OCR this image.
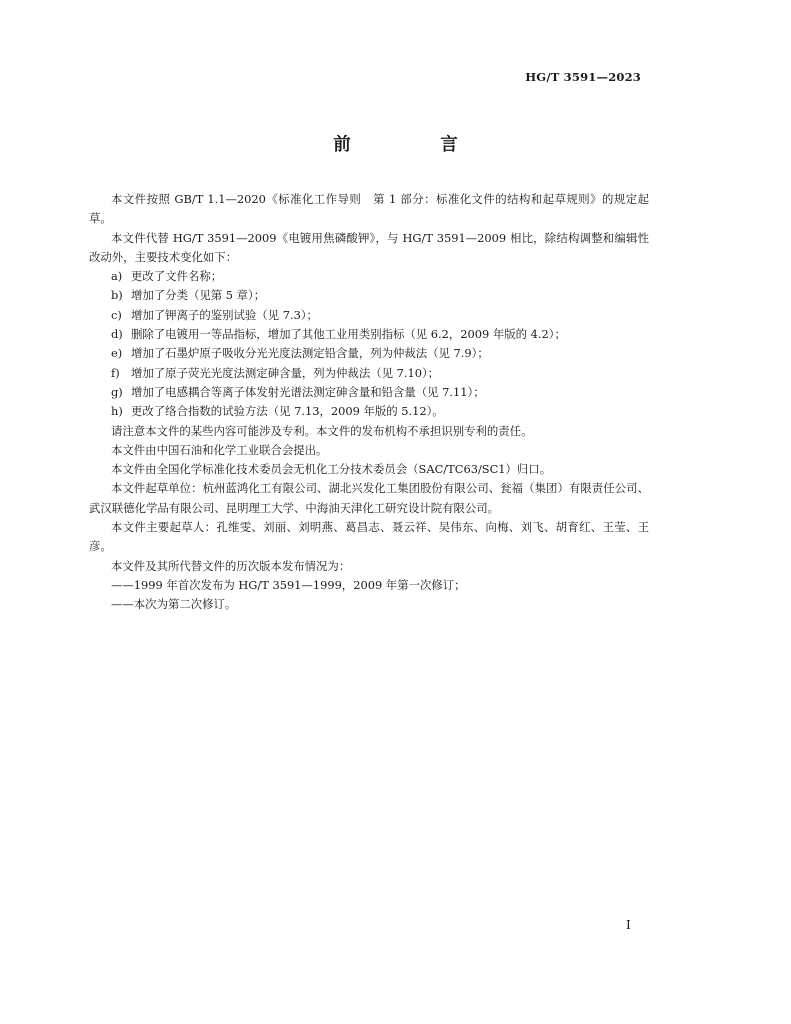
HG/T 3591—2023
前　言

本文件按照 GB/T 1.1—2020《标准化工作导则　第 1 部分：标准化文件的结构和起草规则》的规定起草。

本文件代替 HG/T 3591—2009《电镀用焦磷酸钾》，与 HG/T 3591—2009 相比，除结构调整和编辑性改动外，主要技术变化如下：

a) 更改了文件名称；

b) 增加了分类（见第 5 章）；

c) 增加了钾离子的鉴别试验（见 7.3）；

d) 删除了电镀用一等品指标，增加了其他工业用类别指标（见 6.2，2009 年版的 4.2）；

e) 增加了石墨炉原子吸收分光光度法测定铅含量，列为仲裁法（见 7.9）；

f) 增加了原子荧光光度法测定砷含量，列为仲裁法（见 7.10）；

g) 增加了电感耦合等离子体发射光谱法测定砷含量和铅含量（见 7.11）；

h) 更改了络合指数的试验方法（见 7.13，2009 年版的 5.12）。

请注意本文件的某些内容可能涉及专利。本文件的发布机构不承担识别专利的责任。

本文件由中国石油和化学工业联合会提出。

本文件由全国化学标准化技术委员会无机化工分技术委员会（SAC/TC63/SC1）归口。

本文件起草单位：杭州蓝鸿化工有限公司、湖北兴发化工集团股份有限公司、瓮福（集团）有限责任公司、武汉联德化学品有限公司、昆明理工大学、中海油天津化工研究设计院有限公司。

本文件主要起草人：孔维雯、刘丽、刘明燕、葛昌志、聂云祥、吴伟东、向梅、刘飞、胡育红、王莹、王彦。

本文件及其所代替文件的历次版本发布情况为：

——1999 年首次发布为 HG/T 3591—1999，2009 年第一次修订；

——本次为第二次修订。

I
